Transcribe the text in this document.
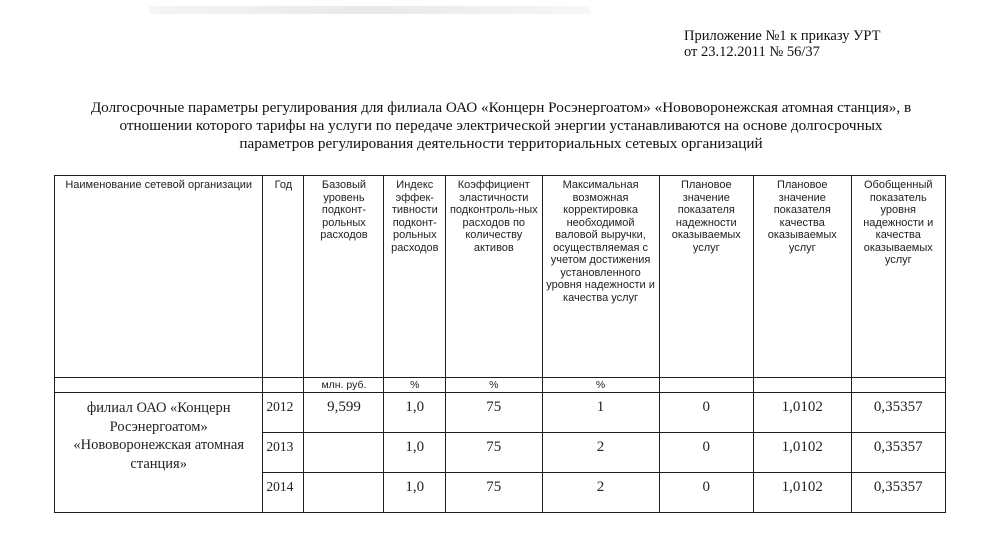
Приложение №1 к приказу УРТ
от 23.12.2011 № 56/37
Долгосрочные параметры регулирования для филиала ОАО «Концерн Росэнергоатом» «Нововоронежская атомная станция», в
отношении которого тарифы на услуги по передаче электрической энергии устанавливаются на основе долгосрочных
параметров регулирования деятельности территориальных сетевых организаций
Наименование сетевой организации	Год	Базовый уровень подконт-рольных расходов	Индекс эффек-тивности подконт-рольных расходов	Коэффициент эластичности подконтроль-ных расходов по количеству активов	Максимальная возможная корректировка необходимой валовой выручки, осуществляемая с учетом достижения установленного уровня надежности и качества услуг	Плановое значение показателя надежности оказываемых услуг	Плановое значение показателя качества оказываемых услуг	Обобщенный показатель уровня надежности и качества оказываемых услуг
		млн. руб.	%	%	%			
филиал ОАО «Концерн Росэнергоатом» «Нововоронежская атомная станция»	2012	9,599	1,0	75	1	0	1,0102	0,35357
	2013		1,0	75	2	0	1,0102	0,35357
	2014		1,0	75	2	0	1,0102	0,35357
